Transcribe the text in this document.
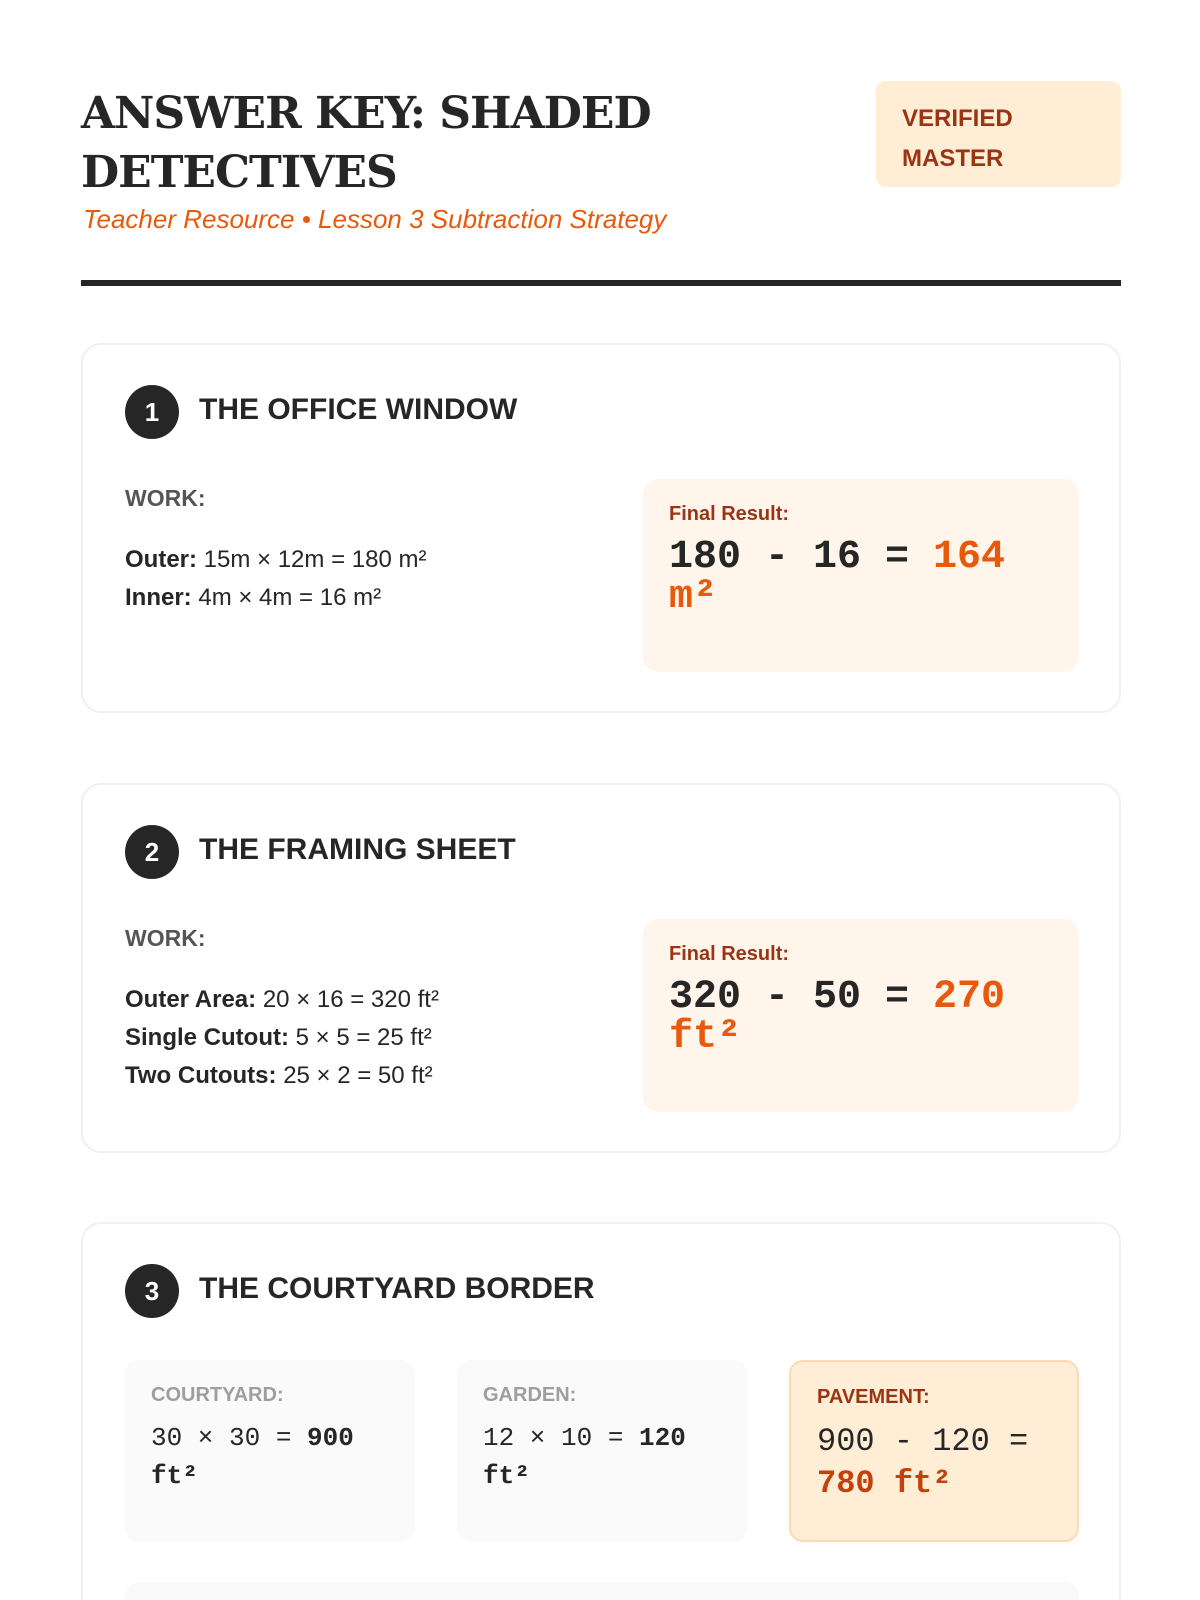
ANSWER KEY: SHADED DETECTIVES
Teacher Resource • Lesson 3 Subtraction Strategy
VERIFIED MASTER
1	THE OFFICE WINDOW
WORK:
Outer: 15m × 12m = 180 m²
Inner: 4m × 4m = 16 m²
Final Result:
180 - 16 = 164 m²
2	THE FRAMING SHEET
WORK:
Outer Area: 20 × 16 = 320 ft²
Single Cutout: 5 × 5 = 25 ft²
Two Cutouts: 25 × 2 = 50 ft²
Final Result:
320 - 50 = 270 ft²
3	THE COURTYARD BORDER
COURTYARD:
30 × 30 = 900 ft²
GARDEN:
12 × 10 = 120 ft²
PAVEMENT:
900 - 120 = 780 ft²
